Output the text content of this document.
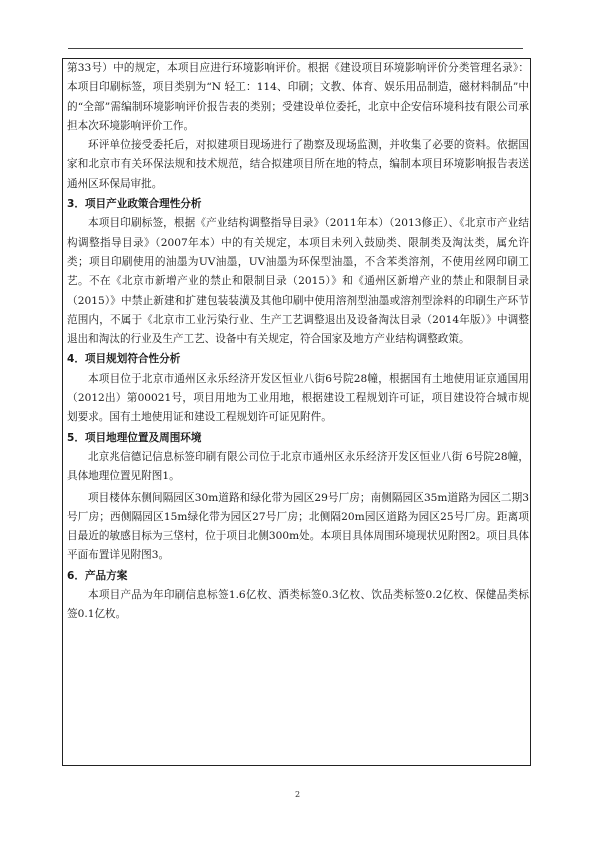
第33号）中的规定，本项目应进行环境影响评价。根据《建设项目环境影响评价分类管理名录》：本项目印刷标签，项目类别为“N 轻工：114、印刷；文教、体育、娱乐用品制造，磁材料制品”中的“全部”需编制环境影响评价报告表的类别；受建设单位委托，北京中企安信环境科技有限公司承担本次环境影响评价工作。

环评单位接受委托后，对拟建项目现场进行了勘察及现场监测，并收集了必要的资料。依据国家和北京市有关环保法规和技术规范，结合拟建项目所在地的特点，编制本项目环境影响报告表送通州区环保局审批。

3．项目产业政策合理性分析

本项目印刷标签，根据《产业结构调整指导目录》（2011年本）（2013修正）、《北京市产业结构调整指导目录》（2007年本）中的有关规定，本项目未列入鼓励类、限制类及淘汰类，属允许类；项目印刷使用的油墨为UV油墨，UV油墨为环保型油墨，不含苯类溶剂，不使用丝网印刷工艺。不在《北京市新增产业的禁止和限制目录（2015）》和《通州区新增产业的禁止和限制目录（2015）》中禁止新建和扩建包装装潢及其他印刷中使用溶剂型油墨或溶剂型涂料的印刷生产环节范围内，不属于《北京市工业污染行业、生产工艺调整退出及设备淘汰目录（2014年版）》中调整退出和淘汰的行业及生产工艺、设备中有关规定，符合国家及地方产业结构调整政策。

4．项目规划符合性分析

本项目位于北京市通州区永乐经济开发区恒业八街6号院28幢，根据国有土地使用证京通国用（2012出）第00021号，项目用地为工业用地，根据建设工程规划许可证，项目建设符合城市规划要求。国有土地使用证和建设工程规划许可证见附件。

5．项目地理位置及周围环境

北京兆信德记信息标签印刷有限公司位于北京市通州区永乐经济开发区恒业八街 6号院28幢，具体地理位置见附图1。

项目楼体东侧间隔园区30m道路和绿化带为园区29号厂房；南侧隔园区35m道路为园区二期3号厂房；西侧隔园区15m绿化带为园区27号厂房；北侧隔20m园区道路为园区25号厂房。距离项目最近的敏感目标为三垡村，位于项目北侧300m处。本项目具体周围环境现状见附图2。项目具体平面布置详见附图3。

6．产品方案

本项目产品为年印刷信息标签1.6亿枚、酒类标签0.3亿枚、饮品类标签0.2亿枚、保健品类标签0.1亿枚。

2
